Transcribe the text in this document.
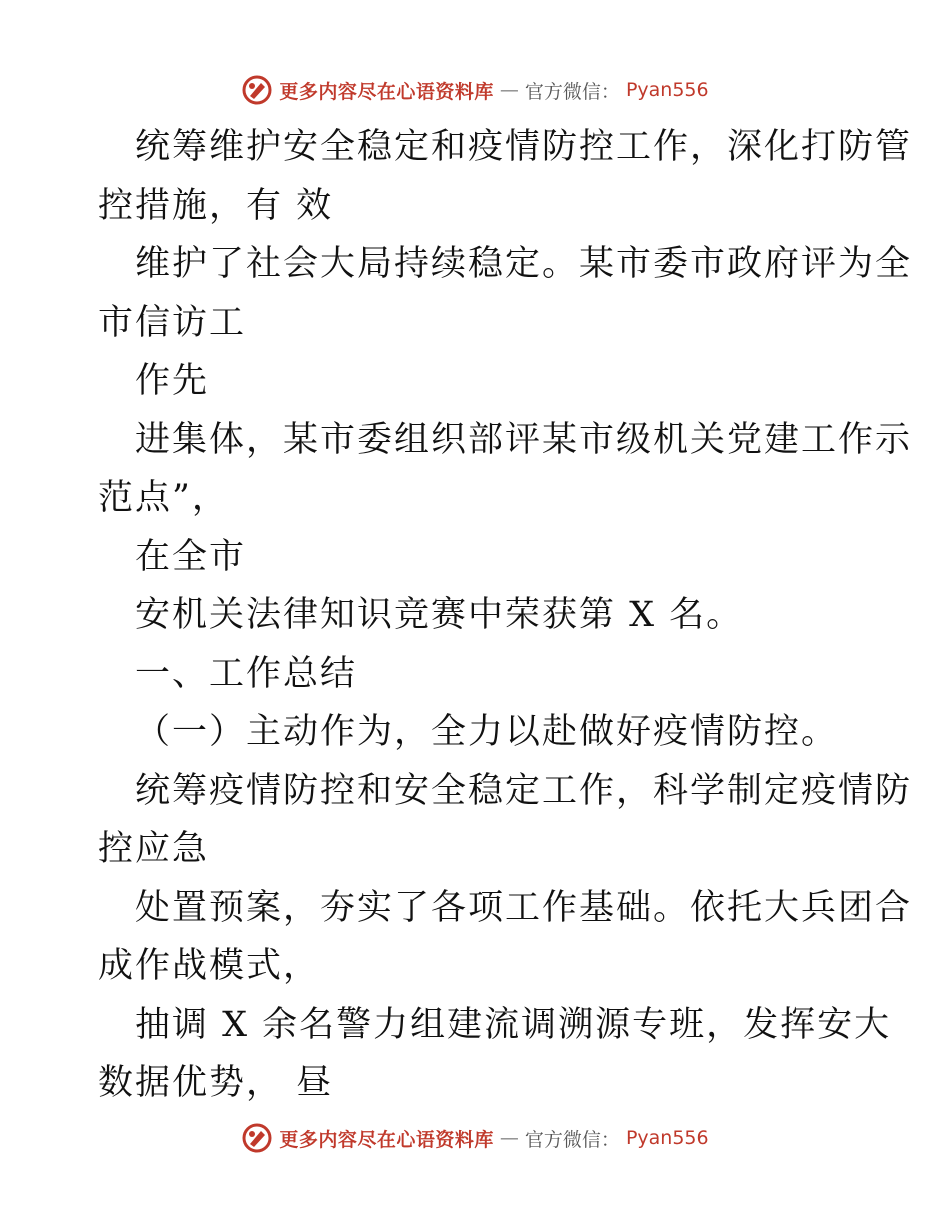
更多内容尽在心语资料库 — 官方微信： Pyan556
统筹维护安全稳定和疫情防控工作，深化打防管
控措施，有 效
维护了社会大局持续稳定。某市委市政府评为全
市信访工
作先
进集体，某市委组织部评某市级机关党建工作示
范点”，
在全市
安机关法律知识竞赛中荣获第 X 名。
一、工作总结
（一）主动作为，全力以赴做好疫情防控。
统筹疫情防控和安全稳定工作，科学制定疫情防
控应急
处置预案，夯实了各项工作基础。依托大兵团合
成作战模式，
抽调 X 余名警力组建流调溯源专班，发挥安大
数据优势， 昼
更多内容尽在心语资料库 — 官方微信： Pyan556
